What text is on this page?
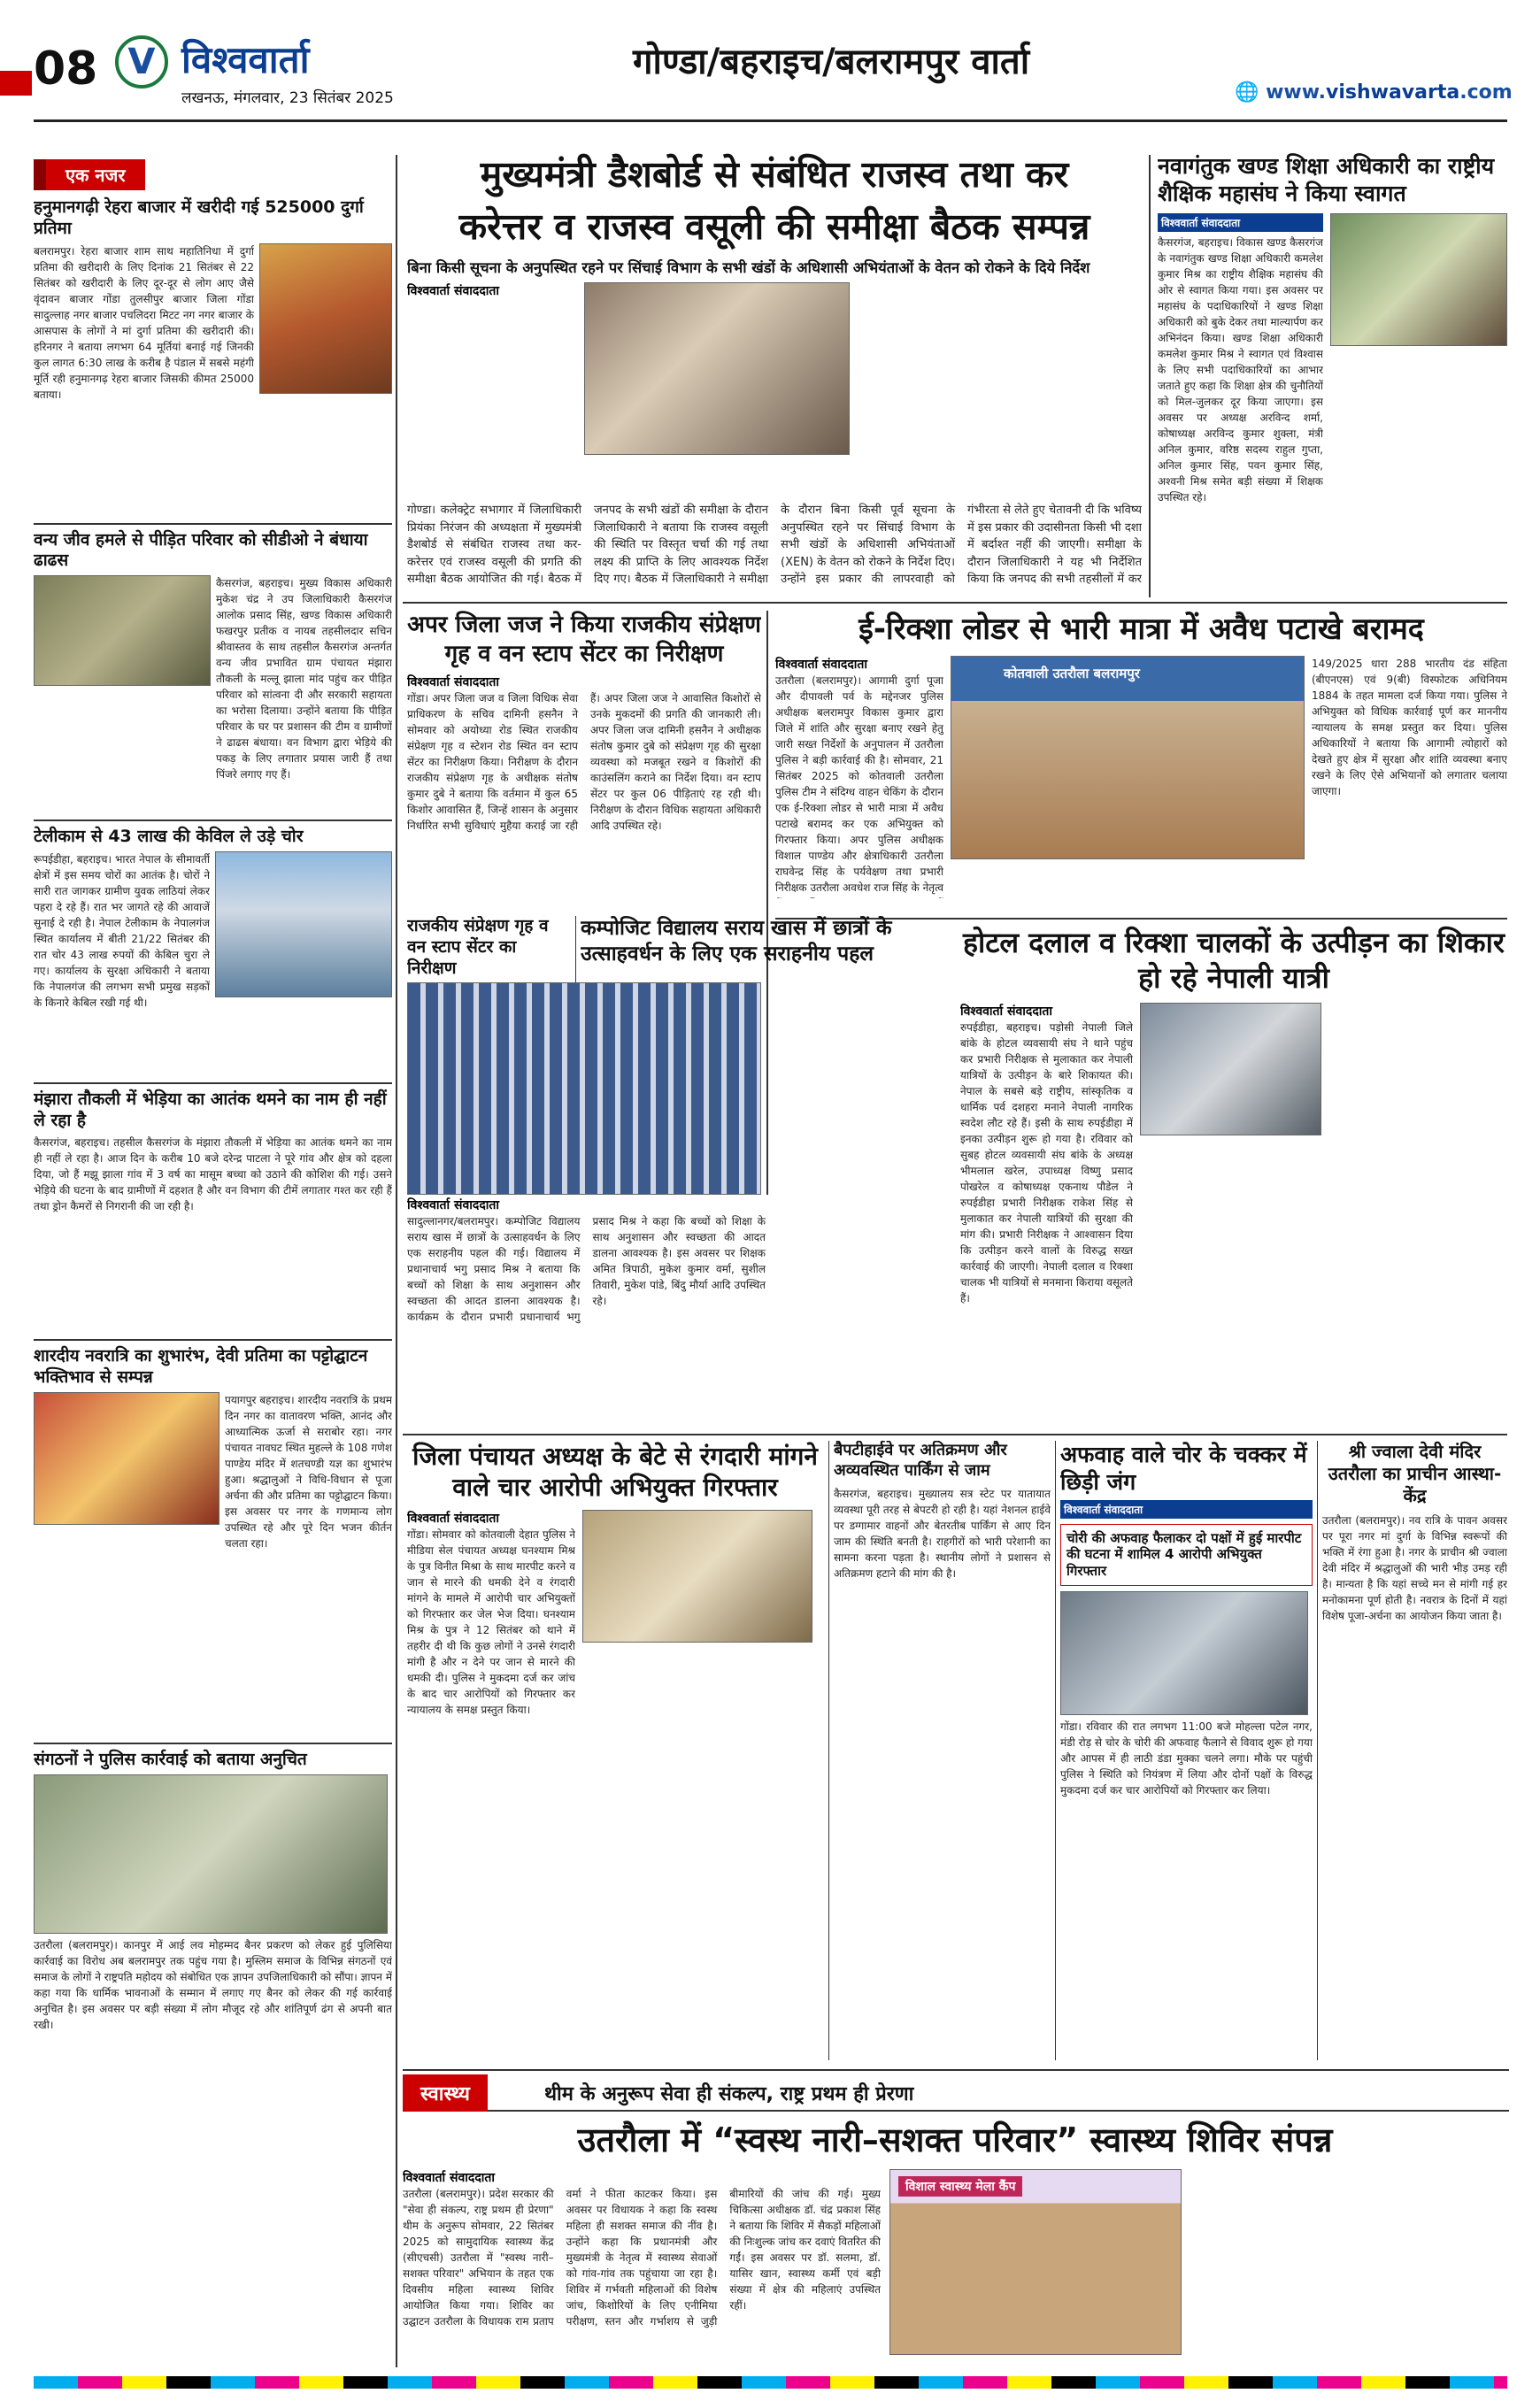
08 V विश्ववार्ता
लखनऊ, मंगलवार, 23 सितंबर 2025
गोण्डा/बहराइच/बलरामपुर वार्ता
🌐 www.vishwavarta.com
एक नजर
हनुमानगढ़ी रेहरा बाजार में खरीदी गई 525000 दुर्गा प्रतिमा
बलरामपुर। रेहरा बाजार शाम साथ महातिनिधा में दुर्गा प्रतिमा की खरीदारी के लिए दिनांक 21 सितंबर से 22 सितंबर को खरीदारी के लिए दूर-दूर से लोग आए जैसे वृंदावन बाजार गोंडा तुलसीपुर बाजार जिला गोंडा सादुल्लाह नगर बाजार पचलिदरा मिटट नग नगर बाजार के आसपास के लोगों ने मां दुर्गा प्रतिमा की खरीदारी की। हरिनगर ने बताया लगभग 64 मूर्तियां बनाई गई जिनकी कुल लागत 6:30 लाख के करीब है पंडाल में सबसे महंगी मूर्ति रही हनुमानगढ़ रेहरा बाजार जिसकी कीमत 25000 बताया।
वन्य जीव हमले से पीड़ित परिवार को सीडीओ ने बंधाया ढाढस
कैसरगंज, बहराइच। मुख्य विकास अधिकारी मुकेश चंद्र ने उप जिलाधिकारी कैसरगंज आलोक प्रसाद सिंह, खण्ड विकास अधिकारी फखरपुर प्रतीक व नायब तहसीलदार सचिन श्रीवास्तव के साथ तहसील कैसरगंज अन्तर्गत वन्य जीव प्रभावित ग्राम पंचायत मंझारा तौकली के मल्लू झाला मांद पहुंच कर पीड़ित परिवार को सांत्वना दी और सरकारी सहायता का भरोसा दिलाया। उन्होंने बताया कि पीड़ित परिवार के घर पर प्रशासन की टीम व ग्रामीणों ने ढाढस बंधाया। वन विभाग द्वारा भेड़िये की पकड़ के लिए लगातार प्रयास जारी हैं तथा पिंजरे लगाए गए हैं।
टेलीकाम से 43 लाख की केविल ले उड़े चोर
रूपईडीहा, बहराइच। भारत नेपाल के सीमावर्ती क्षेत्रों में इस समय चोरों का आतंक है। चोरों ने सारी रात जागकर ग्रामीण युवक लाठियां लेकर पहरा दे रहे हैं। रात भर जागते रहे की आवाजें सुनाई दे रही है। नेपाल टेलीकाम के नेपालगंज स्थित कार्यालय में बीती 21/22 सितंबर की रात चोर 43 लाख रुपयों की केबिल चुरा ले गए। कार्यालय के सुरक्षा अधिकारी ने बताया कि नेपालगंज की लगभग सभी प्रमुख सड़कों के किनारे केबिल रखी गई थी।
मंझारा तौकली में भेड़िया का आतंक थमने का नाम ही नहीं ले रहा है
कैसरगंज, बहराइच। तहसील कैसरगंज के मंझारा तौकली में भेड़िया का आतंक थमने का नाम ही नहीं ले रहा है। आज दिन के करीब 10 बजे दरेन्द्र पाटला ने पूरे गांव और क्षेत्र को दहला दिया, जो हैं मझू झाला गांव में 3 वर्ष का मासूम बच्चा को उठाने की कोशिश की गई। उसने भेड़िये की घटना के बाद ग्रामीणों में दहशत है और वन विभाग की टीमें लगातार गश्त कर रही हैं तथा ड्रोन कैमरों से निगरानी की जा रही है।
शारदीय नवरात्रि का शुभारंभ, देवी प्रतिमा का पट्टोद्घाटन भक्तिभाव से सम्पन्न
पयागपुर बहराइच। शारदीय नवरात्रि के प्रथम दिन नगर का वातावरण भक्ति, आनंद और आध्यात्मिक ऊर्जा से सराबोर रहा। नगर पंचायत नावघट स्थित मुहल्ले के 108 गणेश पाण्डेय मंदिर में शतचण्डी यज्ञ का शुभारंभ हुआ। श्रद्धालुओं ने विधि-विधान से पूजा अर्चना की और प्रतिमा का पट्टोद्घाटन किया। इस अवसर पर नगर के गणमान्य लोग उपस्थित रहे और पूरे दिन भजन कीर्तन चलता रहा।
संगठनों ने पुलिस कार्रवाई को बताया अनुचित
उतरौला (बलरामपुर)। कानपुर में आई लव मोहम्मद बैनर प्रकरण को लेकर हुई पुलिसिया कार्रवाई का विरोध अब बलरामपुर तक पहुंच गया है। मुस्लिम समाज के विभिन्न संगठनों एवं समाज के लोगों ने राष्ट्रपति महोदय को संबोधित एक ज्ञापन उपजिलाधिकारी को सौंपा। ज्ञापन में कहा गया कि धार्मिक भावनाओं के सम्मान में लगाए गए बैनर को लेकर की गई कार्रवाई अनुचित है। इस अवसर पर बड़ी संख्या में लोग मौजूद रहे और शांतिपूर्ण ढंग से अपनी बात रखी।
मुख्यमंत्री डैशबोर्ड से संबंधित राजस्व तथा कर
करेत्तर व राजस्व वसूली की समीक्षा बैठक सम्पन्न
बिना किसी सूचना के अनुपस्थित रहने पर सिंचाई विभाग के सभी खंडों के अधिशासी अभियंताओं के वेतन को रोकने के दिये निर्देश
विश्ववार्ता संवाददाता
गोण्डा। कलेक्ट्रेट सभागार में जिलाधिकारी प्रियंका निरंजन की अध्यक्षता में मुख्यमंत्री डैशबोर्ड से संबंधित राजस्व तथा कर-करेत्तर एवं राजस्व वसूली की प्रगति की समीक्षा बैठक आयोजित की गई। बैठक में जनपद के सभी खंडों की समीक्षा के दौरान जिलाधिकारी ने बताया कि राजस्व वसूली की स्थिति पर विस्तृत चर्चा की गई तथा लक्ष्य की प्राप्ति के लिए आवश्यक निर्देश दिए गए। बैठक में जिलाधिकारी ने समीक्षा के दौरान बिना किसी पूर्व सूचना के अनुपस्थित रहने पर सिंचाई विभाग के सभी खंडों के अधिशासी अभियंताओं (XEN) के वेतन को रोकने के निर्देश दिए। उन्होंने इस प्रकार की लापरवाही को गंभीरता से लेते हुए चेतावनी दी कि भविष्य में इस प्रकार की उदासीनता किसी भी दशा में बर्दाश्त नहीं की जाएगी। समीक्षा के दौरान जिलाधिकारी ने यह भी निर्देशित किया कि जनपद की सभी तहसीलों में कर
नवागंतुक खण्ड शिक्षा अधिकारी का राष्ट्रीय शैक्षिक महासंघ ने किया स्वागत
विश्ववार्ता संवाददाता
कैसरगंज, बहराइच। विकास खण्ड कैसरगंज के नवागंतुक खण्ड शिक्षा अधिकारी कमलेश कुमार मिश्र का राष्ट्रीय शैक्षिक महासंघ की ओर से स्वागत किया गया। इस अवसर पर महासंघ के पदाधिकारियों ने खण्ड शिक्षा अधिकारी को बुके देकर तथा माल्यार्पण कर अभिनंदन किया। खण्ड शिक्षा अधिकारी कमलेश कुमार मिश्र ने स्वागत एवं विश्वास के लिए सभी पदाधिकारियों का आभार जताते हुए कहा कि शिक्षा क्षेत्र की चुनौतियों को मिल-जुलकर दूर किया जाएगा। इस अवसर पर अध्यक्ष अरविन्द शर्मा, कोषाध्यक्ष अरविन्द कुमार शुक्ला, मंत्री अनिल कुमार, वरिष्ठ सदस्य राहुल गुप्ता, अनिल कुमार सिंह, पवन कुमार सिंह, अश्वनी मिश्र समेत बड़ी संख्या में शिक्षक उपस्थित रहे।
अपर जिला जज ने किया राजकीय संप्रेक्षण गृह व वन स्टाप सेंटर का निरीक्षण
विश्ववार्ता संवाददाता
गोंडा। अपर जिला जज व जिला विधिक सेवा प्राधिकरण के सचिव दामिनी हसनैन ने सोमवार को अयोध्या रोड स्थित राजकीय संप्रेक्षण गृह व स्टेशन रोड स्थित वन स्टाप सेंटर का निरीक्षण किया। निरीक्षण के दौरान राजकीय संप्रेक्षण गृह के अधीक्षक संतोष कुमार दुबे ने बताया कि वर्तमान में कुल 65 किशोर आवासित हैं, जिन्हें शासन के अनुसार निर्धारित सभी सुविधाएं मुहैया कराई जा रही हैं। अपर जिला जज ने आवासित किशोरों से उनके मुकदमों की प्रगति की जानकारी ली। अपर जिला जज दामिनी हसनैन ने अधीक्षक संतोष कुमार दुबे को संप्रेक्षण गृह की सुरक्षा व्यवस्था को मजबूत रखने व किशोरों की काउंसलिंग कराने का निर्देश दिया। वन स्टाप सेंटर पर कुल 06 पीड़िताएं रह रही थी। निरीक्षण के दौरान विधिक सहायता अधिकारी आदि उपस्थित रहे।
ई-रिक्शा लोडर से भारी मात्रा में अवैध पटाखे बरामद
विश्ववार्ता संवाददाता
उतरौला (बलरामपुर)। आगामी दुर्गा पूजा और दीपावली पर्व के मद्देनजर पुलिस अधीक्षक बलरामपुर विकास कुमार द्वारा जिले में शांति और सुरक्षा बनाए रखने हेतु जारी सख्त निर्देशों के अनुपालन में उतरौला पुलिस ने बड़ी कार्रवाई की है। सोमवार, 21 सितंबर 2025 को कोतवाली उतरौला पुलिस टीम ने संदिग्ध वाहन चेकिंग के दौरान एक ई-रिक्शा लोडर से भारी मात्रा में अवैध पटाखे बरामद कर एक अभियुक्त को गिरफ्तार किया। अपर पुलिस अधीक्षक विशाल पाण्डेय और क्षेत्राधिकारी उतरौला राघवेन्द्र सिंह के पर्यवेक्षण तथा प्रभारी निरीक्षक उतरौला अवधेश राज सिंह के नेतृत्व
कोतवाली उतरौला बलरामपुर
149/2025 धारा 288 भारतीय दंड संहिता (बीएनएस) एवं 9(बी) विस्फोटक अधिनियम 1884 के तहत मामला दर्ज किया गया। पुलिस ने अभियुक्त को विधिक कार्रवाई पूर्ण कर माननीय न्यायालय के समक्ष प्रस्तुत कर दिया। पुलिस अधिकारियों ने बताया कि आगामी त्योहारों को देखते हुए क्षेत्र में सुरक्षा और शांति व्यवस्था बनाए रखने के लिए ऐसे अभियानों को लगातार चलाया जाएगा।
राजकीय संप्रेक्षण गृह व वन स्टाप सेंटर का निरीक्षण
कम्पोजिट विद्यालय सराय खास में छात्रों के उत्साहवर्धन के लिए एक सराहनीय पहल
विश्ववार्ता संवाददाता
सादुल्लानगर/बलरामपुर। कम्पोजिट विद्यालय सराय खास में छात्रों के उत्साहवर्धन के लिए एक सराहनीय पहल की गई। विद्यालय में प्रधानाचार्य भगु प्रसाद मिश्र ने बताया कि बच्चों को शिक्षा के साथ अनुशासन और स्वच्छता की आदत डालना आवश्यक है। कार्यक्रम के दौरान प्रभारी प्रधानाचार्य भगु प्रसाद मिश्र ने कहा कि बच्चों को शिक्षा के साथ अनुशासन और स्वच्छता की आदत डालना आवश्यक है। इस अवसर पर शिक्षक अमित त्रिपाठी, मुकेश कुमार वर्मा, सुशील तिवारी, मुकेश पांडे, बिंदु मौर्या आदि उपस्थित रहे।
होटल दलाल व रिक्शा चालकों के उत्पीड़न का शिकार हो रहे नेपाली यात्री
विश्ववार्ता संवाददाता
रुपईडीहा, बहराइच। पड़ोसी नेपाली जिले बांके के होटल व्यवसायी संघ ने थाने पहुंच कर प्रभारी निरीक्षक से मुलाकात कर नेपाली यात्रियों के उत्पीड़न के बारे शिकायत की। नेपाल के सबसे बड़े राष्ट्रीय, सांस्कृतिक व धार्मिक पर्व दशहरा मनाने नेपाली नागरिक स्वदेश लौट रहे हैं। इसी के साथ रुपईडीहा में इनका उत्पीड़न शुरू हो गया है। रविवार को सुबह होटल व्यवसायी संघ बांके के अध्यक्ष भीमलाल खरेल, उपाध्यक्ष विष्णु प्रसाद पोखरेल व कोषाध्यक्ष एकनाथ पौडेल ने रुपईडीहा प्रभारी निरीक्षक राकेश सिंह से मुलाकात कर नेपाली यात्रियों की सुरक्षा की मांग की। प्रभारी निरीक्षक ने आश्वासन दिया कि उत्पीड़न करने वालों के विरुद्ध सख्त कार्रवाई की जाएगी। नेपाली दलाल व रिक्शा चालक भी यात्रियों से मनमाना किराया वसूलते हैं।
जिला पंचायत अध्यक्ष के बेटे से रंगदारी मांगने वाले चार आरोपी अभियुक्त गिरफ्तार
विश्ववार्ता संवाददाता
गोंडा। सोमवार को कोतवाली देहात पुलिस ने मीडिया सेल पंचायत अध्यक्ष घनश्याम मिश्र के पुत्र विनीत मिश्रा के साथ मारपीट करने व जान से मारने की धमकी देने व रंगदारी मांगने के मामले में आरोपी चार अभियुक्तों को गिरफ्तार कर जेल भेज दिया। घनश्याम मिश्र के पुत्र ने 12 सितंबर को थाने में तहरीर दी थी कि कुछ लोगों ने उनसे रंगदारी मांगी है और न देने पर जान से मारने की धमकी दी। पुलिस ने मुकदमा दर्ज कर जांच के बाद चार आरोपियों को गिरफ्तार कर न्यायालय के समक्ष प्रस्तुत किया।
बैपटीहाईवे पर अतिक्रमण और अव्यवस्थित पार्किंग से जाम
कैसरगंज, बहराइच। मुख्यालय सत्र स्टेट पर यातायात व्यवस्था पूरी तरह से बेपटरी हो रही है। यहां नेशनल हाईवे पर डग्गामार वाहनों और बेतरतीब पार्किंग से आए दिन जाम की स्थिति बनती है। राहगीरों को भारी परेशानी का सामना करना पड़ता है। स्थानीय लोगों ने प्रशासन से अतिक्रमण हटाने की मांग की है।
अफवाह वाले चोर के चक्कर में छिड़ी जंग
विश्ववार्ता संवाददाता
चोरी की अफवाह फैलाकर दो पक्षों में हुई मारपीट की घटना में शामिल 4 आरोपी अभियुक्त गिरफ्तार
गोंडा। रविवार की रात लगभग 11:00 बजे मोहल्ला पटेल नगर, मंडी रोड़ से चोर के चोरी की अफवाह फैलाने से विवाद शुरू हो गया और आपस में ही लाठी डंडा मुक्का चलने लगा। मौके पर पहुंची पुलिस ने स्थिति को नियंत्रण में लिया और दोनों पक्षों के विरुद्ध मुकदमा दर्ज कर चार आरोपियों को गिरफ्तार कर लिया।
श्री ज्वाला देवी मंदिर उतरौला का प्राचीन आस्था-केंद्र
उतरौला (बलरामपुर)। नव रात्रि के पावन अवसर पर पूरा नगर मां दुर्गा के विभिन्न स्वरूपों की भक्ति में रंगा हुआ है। नगर के प्राचीन श्री ज्वाला देवी मंदिर में श्रद्धालुओं की भारी भीड़ उमड़ रही है। मान्यता है कि यहां सच्चे मन से मांगी गई हर मनोकामना पूर्ण होती है। नवरात्र के दिनों में यहां विशेष पूजा-अर्चना का आयोजन किया जाता है।
स्वास्थ्य	थीम के अनुरूप सेवा ही संकल्प, राष्ट्र प्रथम ही प्रेरणा
उतरौला में “स्वस्थ नारी–सशक्त परिवार” स्वास्थ्य शिविर संपन्न
विश्ववार्ता संवाददाता
उतरौला (बलरामपुर)। प्रदेश सरकार की "सेवा ही संकल्प, राष्ट्र प्रथम ही प्रेरणा" थीम के अनुरूप सोमवार, 22 सितंबर 2025 को सामुदायिक स्वास्थ्य केंद्र (सीएचसी) उतरौला में "स्वस्थ नारी–सशक्त परिवार" अभियान के तहत एक दिवसीय महिला स्वास्थ्य शिविर आयोजित किया गया। शिविर का उद्घाटन उतरौला के विधायक राम प्रताप वर्मा ने फीता काटकर किया। इस अवसर पर विधायक ने कहा कि स्वस्थ महिला ही सशक्त समाज की नींव है। उन्होंने कहा कि प्रधानमंत्री और मुख्यमंत्री के नेतृत्व में स्वास्थ्य सेवाओं को गांव-गांव तक पहुंचाया जा रहा है। शिविर में गर्भवती महिलाओं की विशेष जांच, किशोरियों के लिए एनीमिया परीक्षण, स्तन और गर्भाशय से जुड़ी बीमारियों की जांच की गई। मुख्य चिकित्सा अधीक्षक डॉ. चंद्र प्रकाश सिंह ने बताया कि शिविर में सैकड़ों महिलाओं की निःशुल्क जांच कर दवाएं वितरित की गईं। इस अवसर पर डॉ. सलमा, डॉ. यासिर खान, स्वास्थ्य कर्मी एवं बड़ी संख्या में क्षेत्र की महिलाएं उपस्थित रहीं।
विशाल स्वास्थ्य मेला कैंप
